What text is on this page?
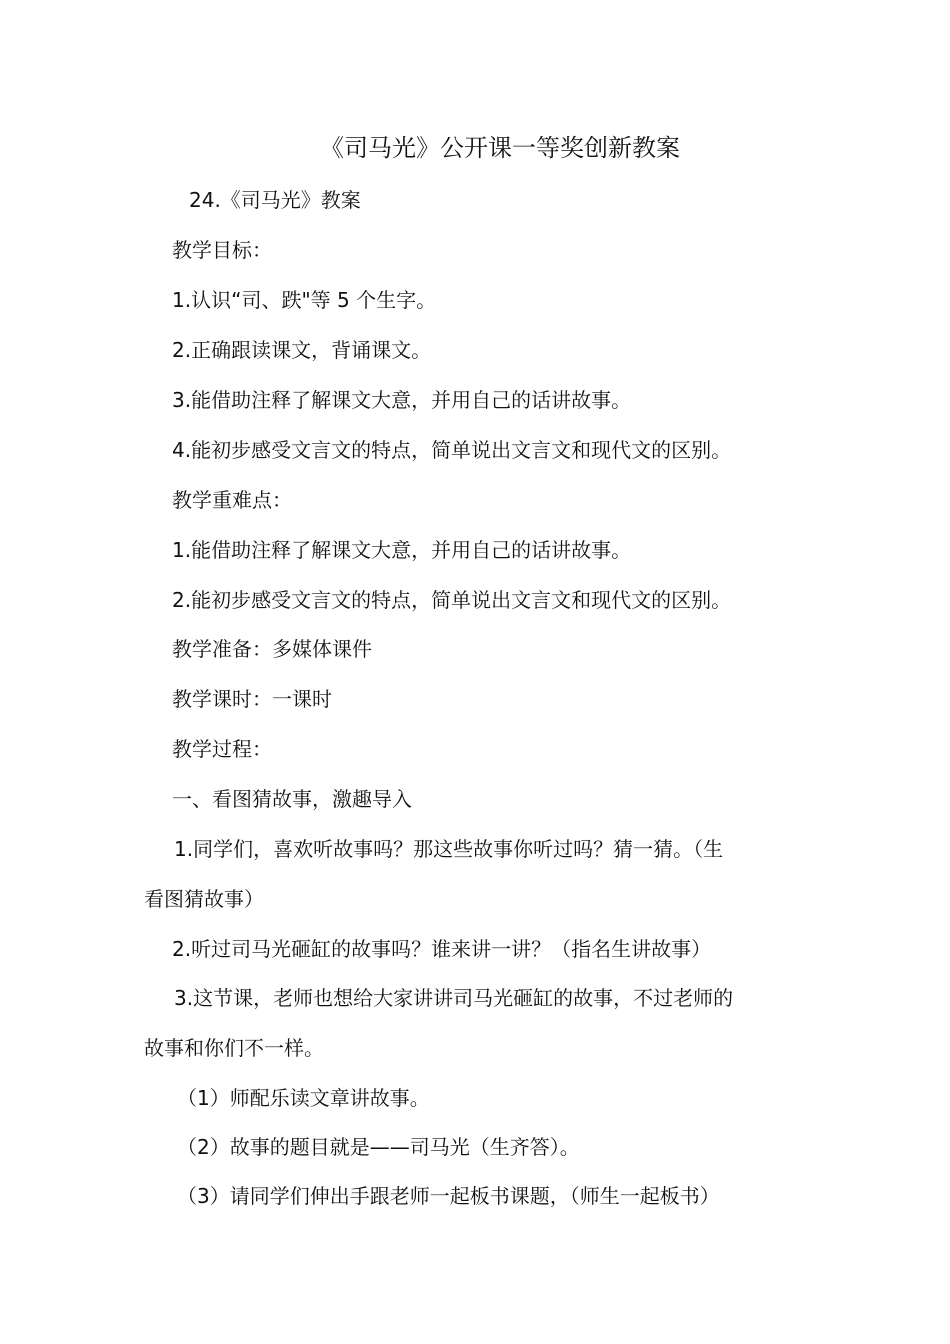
《司马光》公开课一等奖创新教案
24.《司马光》教案
教学目标：
1.认识“司、跌"等 5 个生字。
2.正确跟读课文，背诵课文。
3.能借助注释了解课文大意，并用自己的话讲故事。
4.能初步感受文言文的特点，简单说出文言文和现代文的区别。
教学重难点：
1.能借助注释了解课文大意，并用自己的话讲故事。
2.能初步感受文言文的特点，简单说出文言文和现代文的区别。
教学准备：多媒体课件
教学课时：一课时
教学过程：
一、看图猜故事，激趣导入
1.同学们，喜欢听故事吗？那这些故事你听过吗？猜一猜。（生
看图猜故事）
2.听过司马光砸缸的故事吗？谁来讲一讲？（指名生讲故事）
3.这节课，老师也想给大家讲讲司马光砸缸的故事，不过老师的
故事和你们不一样。
（1）师配乐读文章讲故事。
（2）故事的题目就是——司马光（生齐答）。
（3）请同学们伸出手跟老师一起板书课题，（师生一起板书）
